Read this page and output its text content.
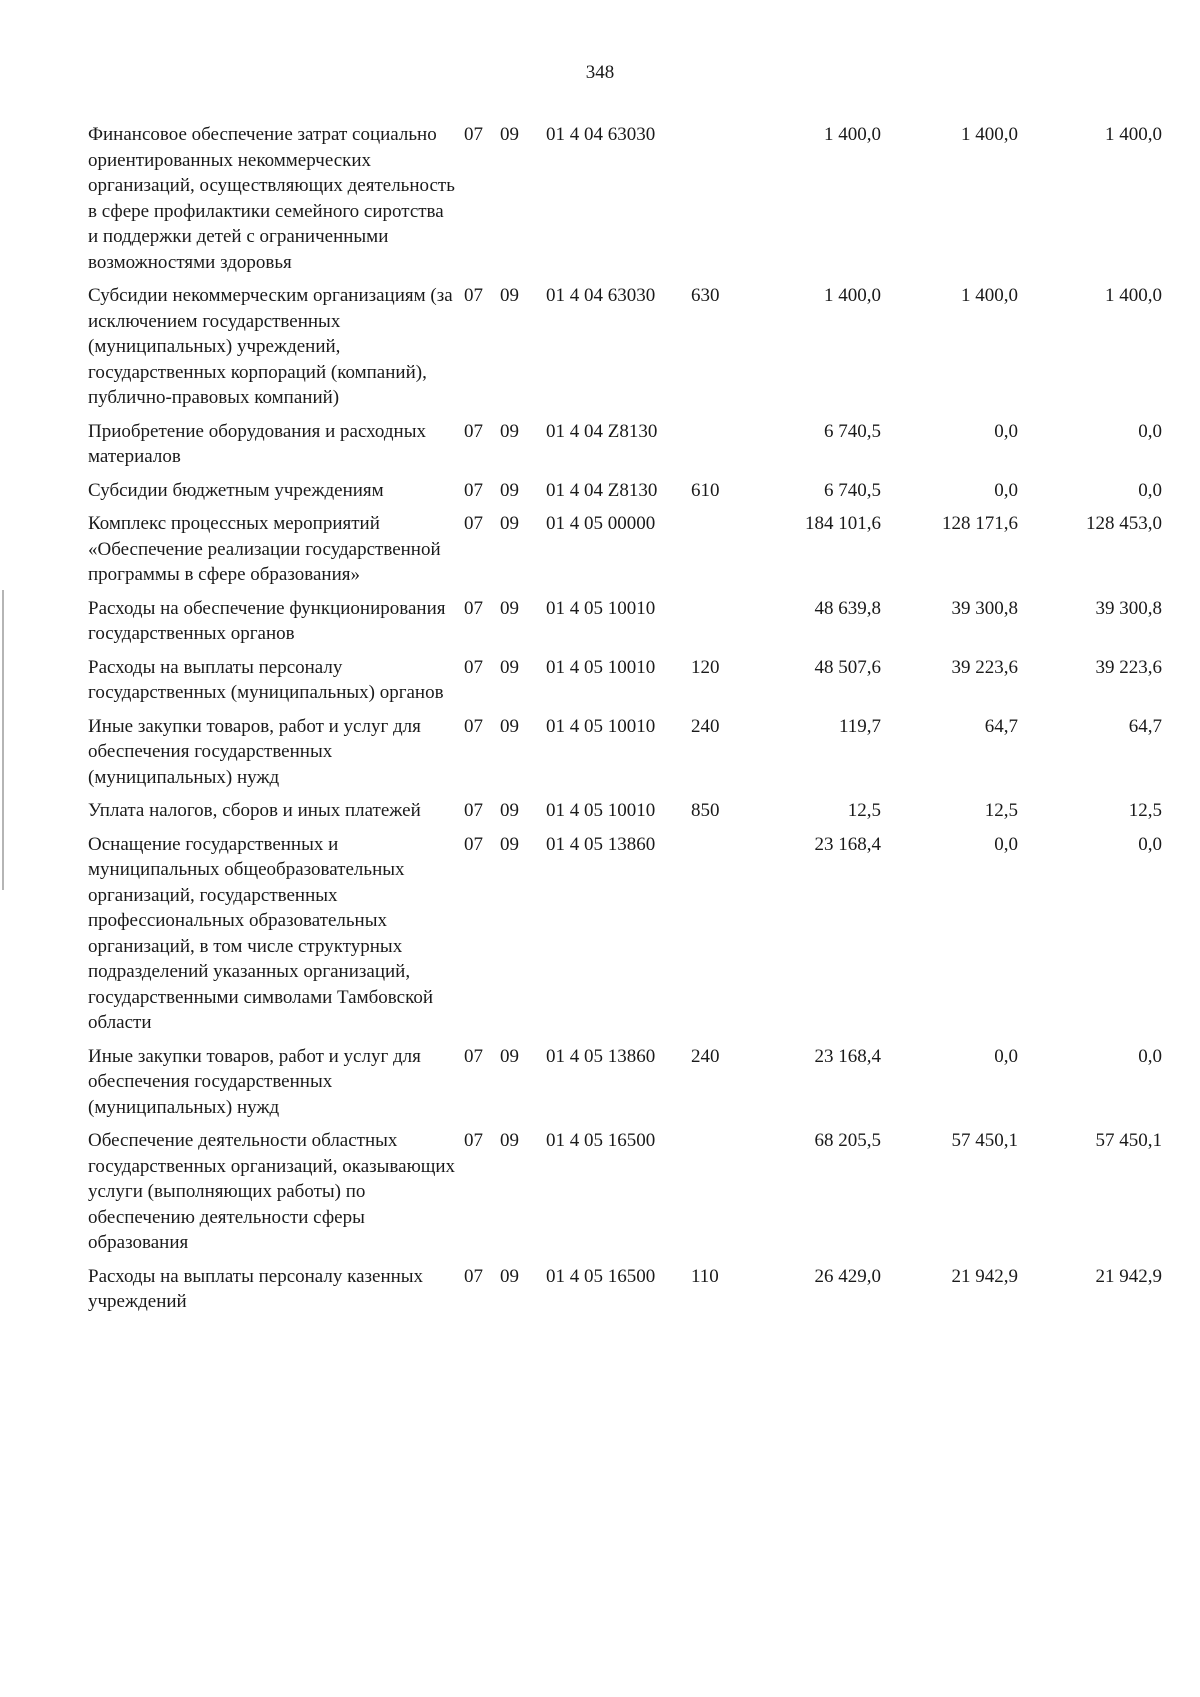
348
Финансовое обеспечение затрат социально ориентированных некоммерческих организаций, осуществляющих деятельность в сфере профилактики семейного сиротства и поддержки детей с ограниченными возможностями здоровья
07 09	01 4 04 63030	1 400,0	1 400,0	1 400,0
Субсидии некоммерческим организациям (за исключением государственных (муниципальных) учреждений, государственных корпораций (компаний), публично-правовых компаний)
07 09	01 4 04 63030	630	1 400,0	1 400,0	1 400,0
Приобретение оборудования и расходных материалов
07 09	01 4 04 Z8130	6 740,5	0,0	0,0
Субсидии бюджетным учреждениям	07 09	01 4 04 Z8130	610	6 740,5	0,0	0,0
Комплекс процессных мероприятий «Обеспечение реализации государственной программы в сфере образования»
07 09	01 4 05 00000	184 101,6	128 171,6	128 453,0
Расходы на обеспечение функционирования государственных органов
07 09	01 4 05 10010	48 639,8	39 300,8	39 300,8
Расходы на выплаты персоналу государственных (муниципальных) органов
07 09	01 4 05 10010	120	48 507,6	39 223,6	39 223,6
Иные закупки товаров, работ и услуг для обеспечения государственных (муниципальных) нужд
07 09	01 4 05 10010	240	119,7	64,7	64,7
Уплата налогов, сборов и иных платежей	07 09	01 4 05 10010	850	12,5	12,5	12,5
Оснащение государственных и муниципальных общеобразовательных организаций, государственных профессиональных образовательных организаций, в том числе структурных подразделений указанных организаций, государственными символами Тамбовской области
07 09	01 4 05 13860	23 168,4	0,0	0,0
Иные закупки товаров, работ и услуг для обеспечения государственных (муниципальных) нужд
07 09	01 4 05 13860	240	23 168,4	0,0	0,0
Обеспечение деятельности областных государственных организаций, оказывающих услуги (выполняющих работы) по обеспечению деятельности сферы образования
07 09	01 4 05 16500	68 205,5	57 450,1	57 450,1
Расходы на выплаты персоналу казенных учреждений
07 09	01 4 05 16500	110	26 429,0	21 942,9	21 942,9
